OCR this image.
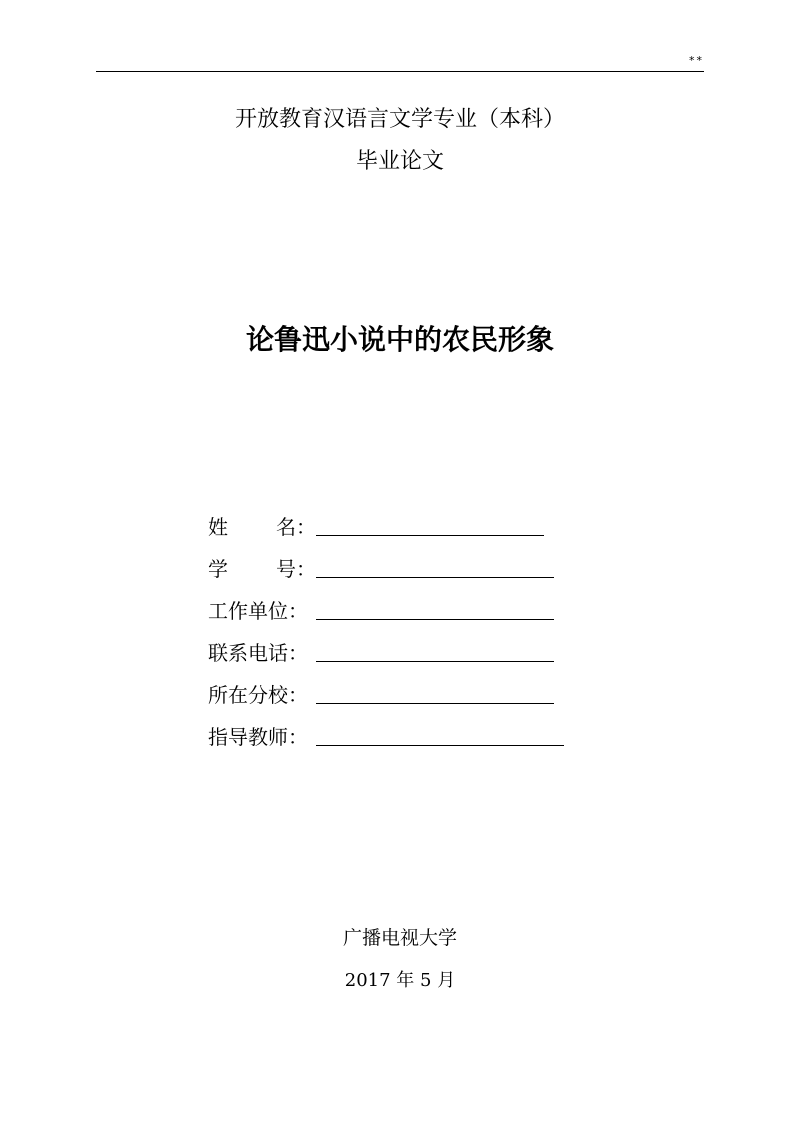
**
开放教育汉语言文学专业（本科）
毕业论文
论鲁迅小说中的农民形象
姓 名：
学 号：
工作单位：
联系电话：
所在分校：
指导教师：
广播电视大学
2017 年 5 月
